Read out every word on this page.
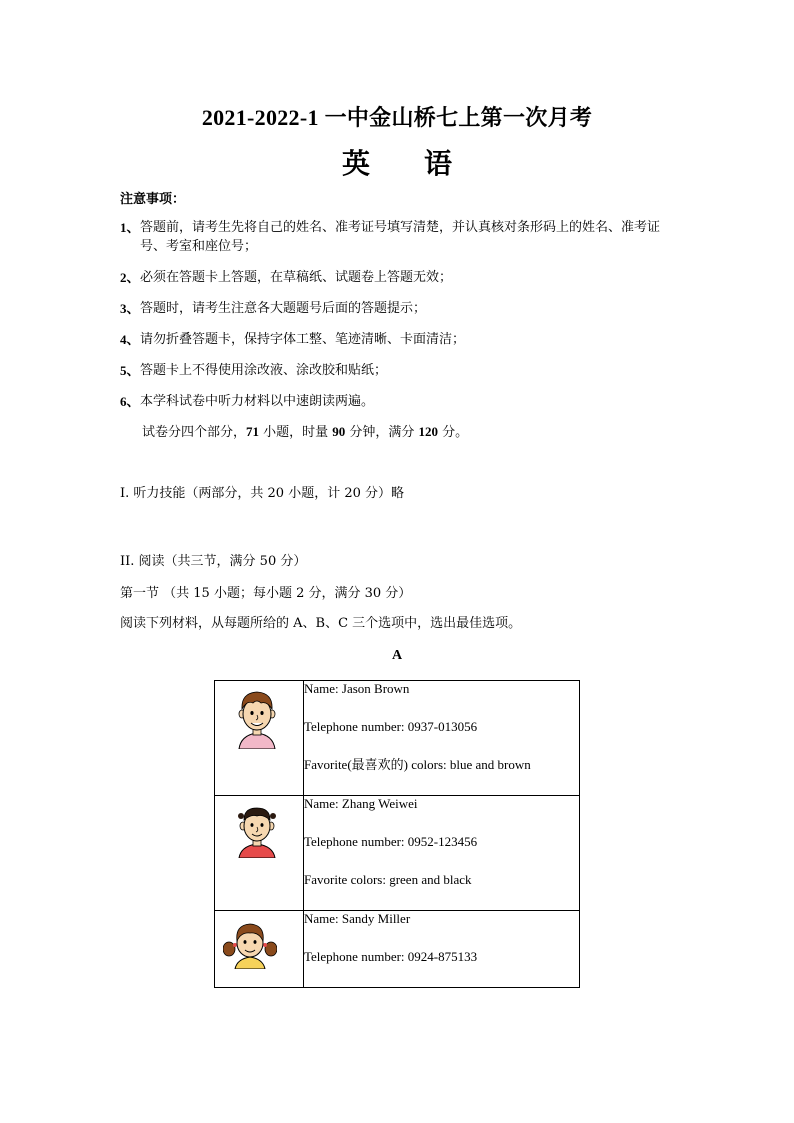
2021-2022-1 一中金山桥七上第一次月考
英语
注意事项：
1、 答题前，请考生先将自己的姓名、准考证号填写清楚，并认真核对条形码上的姓名、准考证号、考室和座位号；
2、 必须在答题卡上答题，在草稿纸、试题卷上答题无效；
3、 答题时，请考生注意各大题题号后面的答题提示；
4、 请勿折叠答题卡，保持字体工整、笔迹清晰、卡面清洁；
5、 答题卡上不得使用涂改液、涂改胶和贴纸；
6、 本学科试卷中听力材料以中速朗读两遍。
试卷分四个部分，71 小题，时量 90 分钟，满分 120 分。
I. 听力技能（两部分，共 20 小题，计 20 分）略
II. 阅读（共三节，满分 50 分）
第一节 （共 15 小题；每小题 2 分，满分 30 分）
阅读下列材料，从每题所给的 A、B、C 三个选项中，选出最佳选项。
A

Name: Jason Brown
Telephone number: 0937-013056
Favorite(最喜欢的) colors: blue and brown

Name: Zhang Weiwei
Telephone number: 0952-123456
Favorite colors: green and black

Name: Sandy Miller
Telephone number: 0924-875133
